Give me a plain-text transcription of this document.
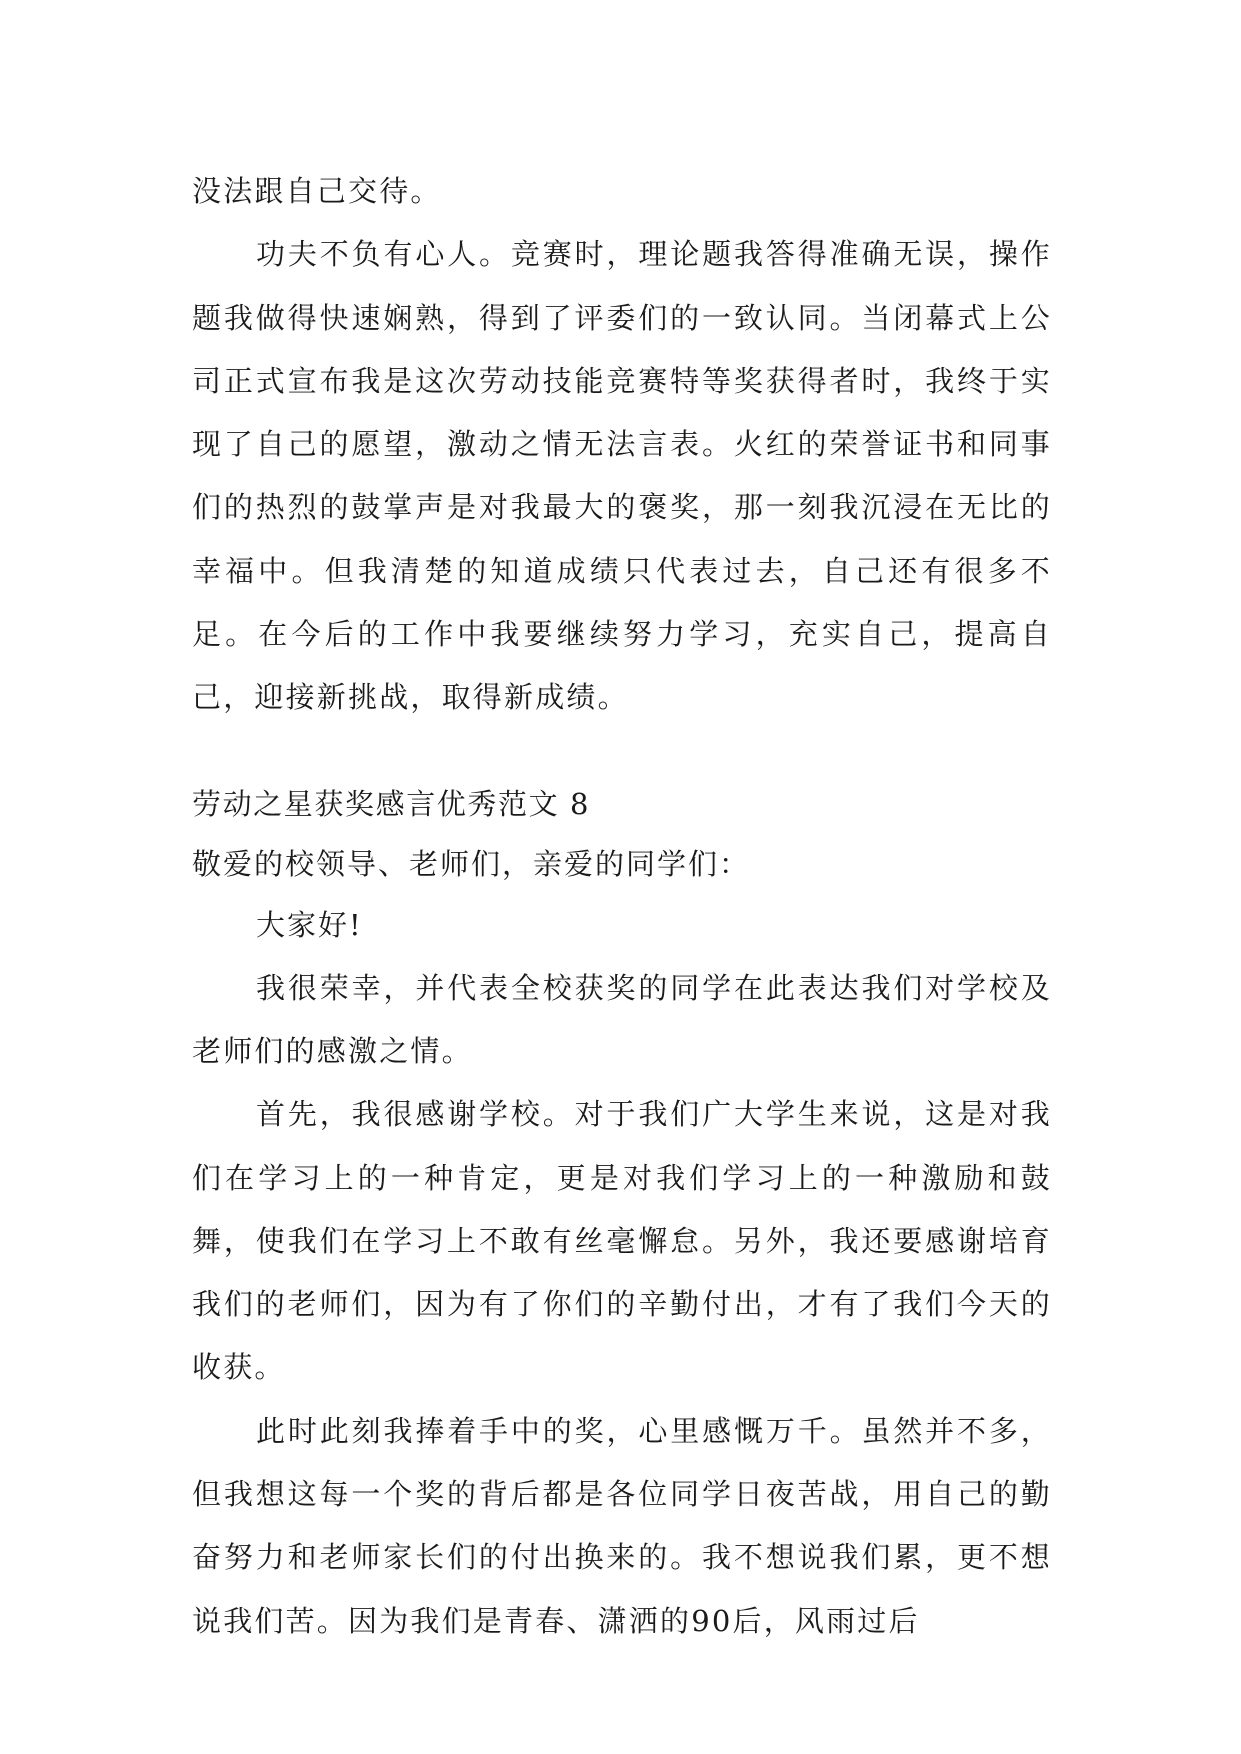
没法跟自己交待。

功夫不负有心人。竞赛时，理论题我答得准确无误，操作题我做得快速娴熟，得到了评委们的一致认同。当闭幕式上公司正式宣布我是这次劳动技能竞赛特等奖获得者时，我终于实现了自己的愿望，激动之情无法言表。火红的荣誉证书和同事们的热烈的鼓掌声是对我最大的褒奖，那一刻我沉浸在无比的幸福中。但我清楚的知道成绩只代表过去，自己还有很多不足。在今后的工作中我要继续努力学习，充实自己，提高自己，迎接新挑战，取得新成绩。

劳动之星获奖感言优秀范文 8

敬爱的校领导、老师们，亲爱的同学们：

大家好!

我很荣幸，并代表全校获奖的同学在此表达我们对学校及老师们的感激之情。

首先，我很感谢学校。对于我们广大学生来说，这是对我们在学习上的一种肯定，更是对我们学习上的一种激励和鼓舞，使我们在学习上不敢有丝毫懈怠。另外，我还要感谢培育我们的老师们，因为有了你们的辛勤付出，才有了我们今天的收获。

此时此刻我捧着手中的奖，心里感慨万千。虽然并不多，但我想这每一个奖的背后都是各位同学日夜苦战，用自己的勤奋努力和老师家长们的付出换来的。我不想说我们累，更不想说我们苦。因为我们是青春、潇洒的90后，风雨过后
